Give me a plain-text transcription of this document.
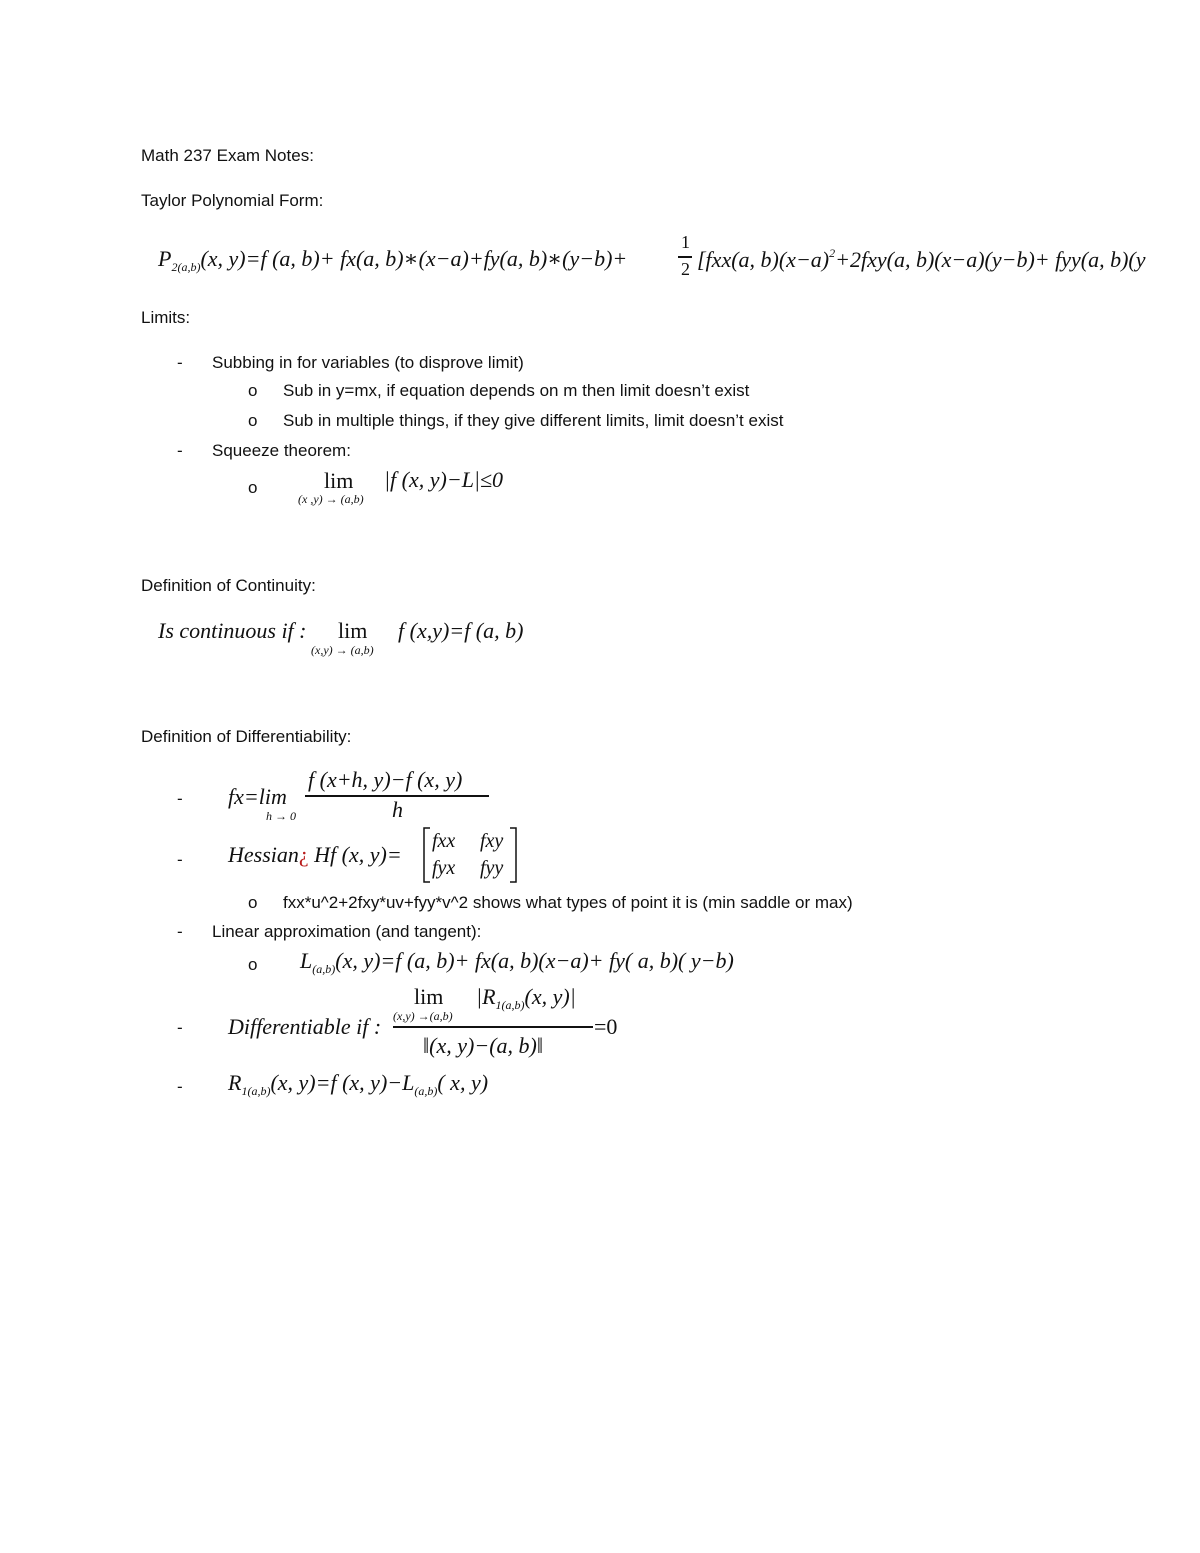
Math 237 Exam Notes:
Taylor Polynomial Form:
$P_{2(a,b)}(x$, y)=f (a, b)+ fx(a, b)∗(x−a)+fy(a, b)∗(y−b)+
1
2 [fxx(a, $b)(x-a)^2+2fxy(a$, b)(x−a)(y−b)+ fyy(a, b)(y
Limits:
- Subbing in for variables (to disprove limit)
o Sub in y=mx, if equation depends on m then limit doesn’t exist
o Sub in multiple things, if they give different limits, limit doesn’t exist
- Squeeze theorem:
o	lim
(x ,y) → (a,b)
|f (x, y)−L|≤0
Definition of Continuity:
Is continuous if : lim
(x,y) → (a,b)
f (x,y)=f (a, b)
Definition of Differentiability:
- fx=lim
h → 0
f (x+h, y)−f (x, y)
h
- Hessian¿ Hf (x, y)=
fxx fxy
fyx fyy
o fxx*u^2+2fxy*uv+fyy*v^2 shows what types of point it is (min saddle or max)
- Linear approximation (and tangent):
o $L_{(a,b)}(x$, y)=f (a, b)+ fx(a, b)(x−a)+ fy( a, b)( y−b)
- Differentiable if :
lim
(x,y) →(a,b)
$|R_{1(a,b)}(x$, y)|
‖(x, y)−(a, b)‖
=0
- $R_{1(a,b)}(x$, y)=f (x, $y)-L_{(a,b)}$( x, y)
